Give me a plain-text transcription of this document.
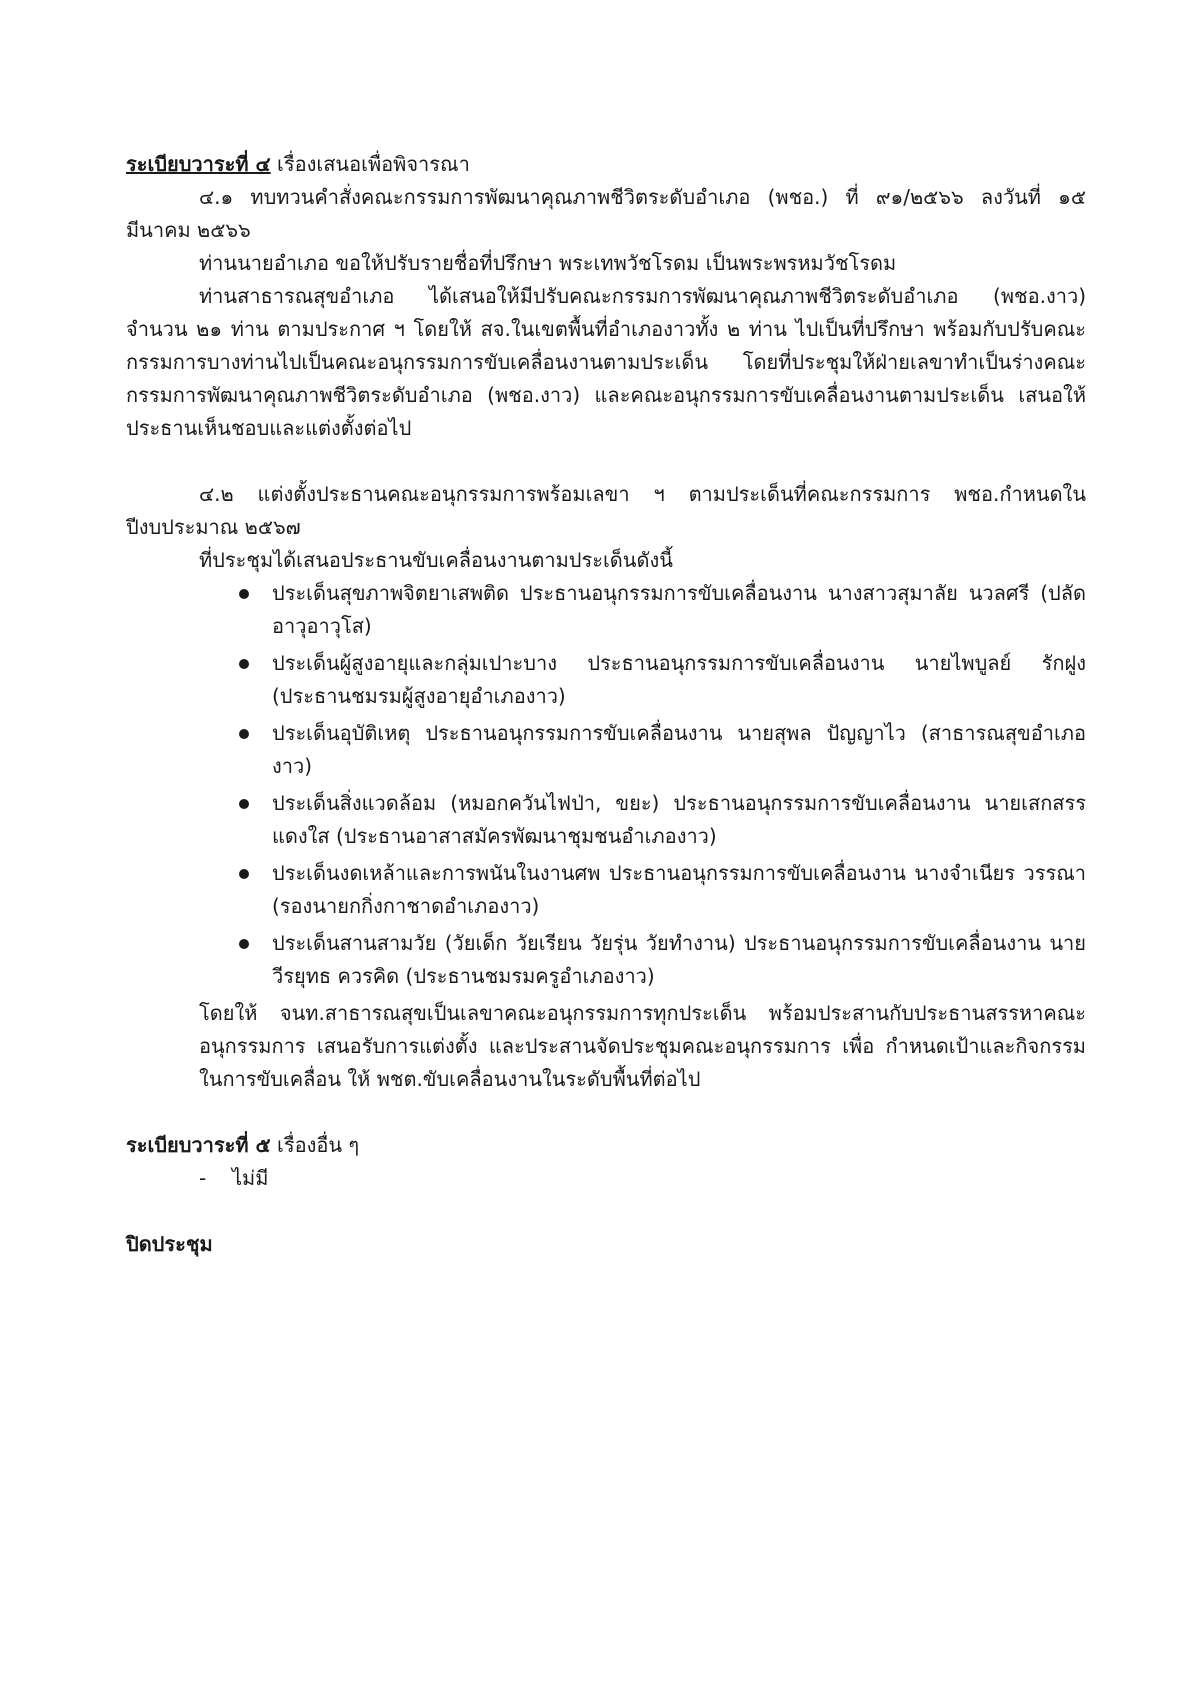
ระเบียบวาระที่ ๔ เรื่องเสนอเพื่อพิจารณา

๔.๑ ทบทวนคำสั่งคณะกรรมการพัฒนาคุณภาพชีวิตระดับอำเภอ (พชอ.) ที่ ๙๑/๒๕๖๖ ลงวันที่ ๑๕ มีนาคม ๒๕๖๖

ท่านนายอำเภอ ขอให้ปรับรายชื่อที่ปรึกษา พระเทพวัชโรดม เป็นพระพรหมวัชโรดม

ท่านสาธารณสุขอำเภอ ได้เสนอให้มีปรับคณะกรรมการพัฒนาคุณภาพชีวิตระดับอำเภอ (พชอ.งาว) จำนวน ๒๑ ท่าน ตามประกาศ ฯ โดยให้ สจ.ในเขตพื้นที่อำเภองาวทั้ง ๒ ท่าน ไปเป็นที่ปรึกษา พร้อมกับปรับคณะกรรมการบางท่านไปเป็นคณะอนุกรรมการขับเคลื่อนงานตามประเด็น โดยที่ประชุมให้ฝ่ายเลขาทำเป็นร่างคณะกรรมการพัฒนาคุณภาพชีวิตระดับอำเภอ (พชอ.งาว) และคณะอนุกรรมการขับเคลื่อนงานตามประเด็น เสนอให้ประธานเห็นชอบและแต่งตั้งต่อไป

๔.๒ แต่งตั้งประธานคณะอนุกรรมการพร้อมเลขา ฯ ตามประเด็นที่คณะกรรมการ พชอ.กำหนดในปีงบประมาณ ๒๕๖๗

ที่ประชุมได้เสนอประธานขับเคลื่อนงานตามประเด็นดังนี้

ประเด็นสุขภาพจิตยาเสพติด ประธานอนุกรรมการขับเคลื่อนงาน นางสาวสุมาลัย นวลศรี (ปลัดอาวุอาวุโส)
ประเด็นผู้สูงอายุและกลุ่มเปาะบาง ประธานอนุกรรมการขับเคลื่อนงาน นายไพบูลย์ รักฝูง (ประธานชมรมผู้สูงอายุอำเภองาว)
ประเด็นอุบัติเหตุ ประธานอนุกรรมการขับเคลื่อนงาน นายสุพล ปัญญาไว (สาธารณสุขอำเภองาว)
ประเด็นสิ่งแวดล้อม (หมอกควันไฟป่า, ขยะ) ประธานอนุกรรมการขับเคลื่อนงาน นายเสกสรร แดงใส (ประธานอาสาสมัครพัฒนาชุมชนอำเภองาว)
ประเด็นงดเหล้าและการพนันในงานศพ ประธานอนุกรรมการขับเคลื่อนงาน นางจำเนียร วรรณา (รองนายกกิ่งกาชาดอำเภองาว)
ประเด็นสานสามวัย (วัยเด็ก วัยเรียน วัยรุ่น วัยทำงาน) ประธานอนุกรรมการขับเคลื่อนงาน นายวีรยุทธ ควรคิด (ประธานชมรมครูอำเภองาว)

โดยให้ จนท.สาธารณสุขเป็นเลขาคณะอนุกรรมการทุกประเด็น พร้อมประสานกับประธานสรรหาคณะอนุกรรมการ เสนอรับการแต่งตั้ง และประสานจัดประชุมคณะอนุกรรมการ เพื่อ กำหนดเป้าและกิจกรรมในการขับเคลื่อน ให้ พชต.ขับเคลื่อนงานในระดับพื้นที่ต่อไป

ระเบียบวาระที่ ๕ เรื่องอื่น ๆ

- ไม่มี

ปิดประชุม
